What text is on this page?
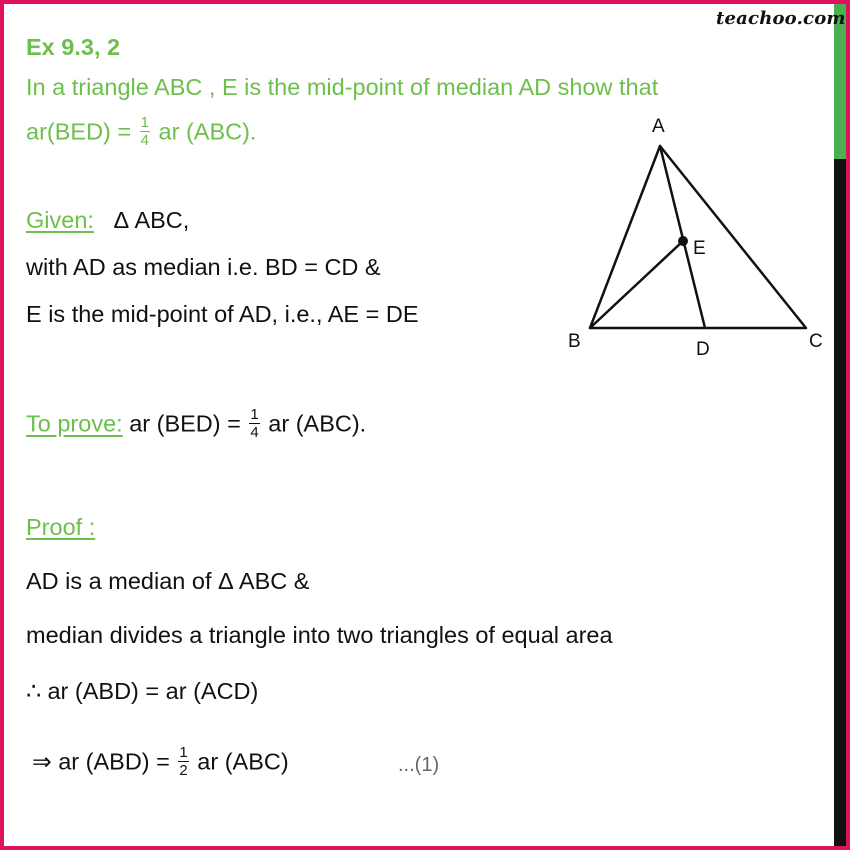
teachoo.com
Ex 9.3, 2
In a triangle ABC , E is the mid-point of median AD show that
$ar(BED) = \frac{1}{4}$ ar (ABC).
Given: Δ ABC,
with AD as median i.e. BD = CD &
E is the mid-point of AD, i.e., AE = DE
To prove: ar $(BED) = \frac{1}{4}$ ar (ABC).
Proof :
AD is a median of Δ ABC &
median divides a triangle into two triangles of equal area
∴ ar (ABD) = ar (ACD)
⇒ ar $(ABD) = \frac{1}{2}$ ar (ABC)	...(1)
A
E
B	D	C
